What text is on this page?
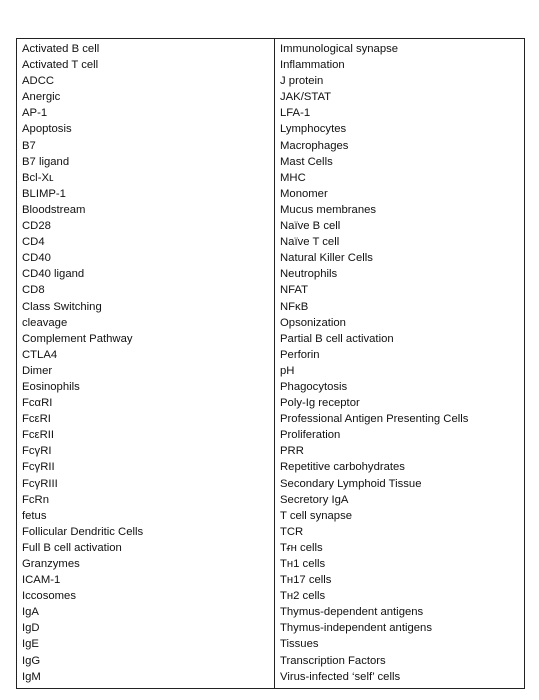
Activated B cell
Activated T cell
ADCC
Anergic
AP-1
Apoptosis
B7
B7 ligand
Bcl-Xʟ
BLIMP-1
Bloodstream
CD28
CD4
CD40
CD40 ligand
CD8
Class Switching
cleavage
Complement Pathway
CTLA4
Dimer
Eosinophils
FcαRI
FcεRI
FcεRII
FcγRI
FcγRII
FcγRIII
FcRn
fetus
Follicular Dendritic Cells
Full B cell activation
Granzymes
ICAM-1
Iccosomes
IgA
IgD
IgE
IgG
IgM
Immunological synapse
Inflammation
J protein
JAK/STAT
LFA-1
Lymphocytes
Macrophages
Mast Cells
MHC
Monomer
Mucus membranes
Naïve B cell
Naïve T cell
Natural Killer Cells
Neutrophils
NFAT
NFκB
Opsonization
Partial B cell activation
Perforin
pH
Phagocytosis
Poly-Ig receptor
Professional Antigen Presenting Cells
Proliferation
PRR
Repetitive carbohydrates
Secondary Lymphoid Tissue
Secretory IgA
T cell synapse
TCR
Tᵳʜ cells
Tʜ1 cells
Tʜ17 cells
Tʜ2 cells
Thymus-dependent antigens
Thymus-independent antigens
Tissues
Transcription Factors
Virus-infected ‘self’ cells
